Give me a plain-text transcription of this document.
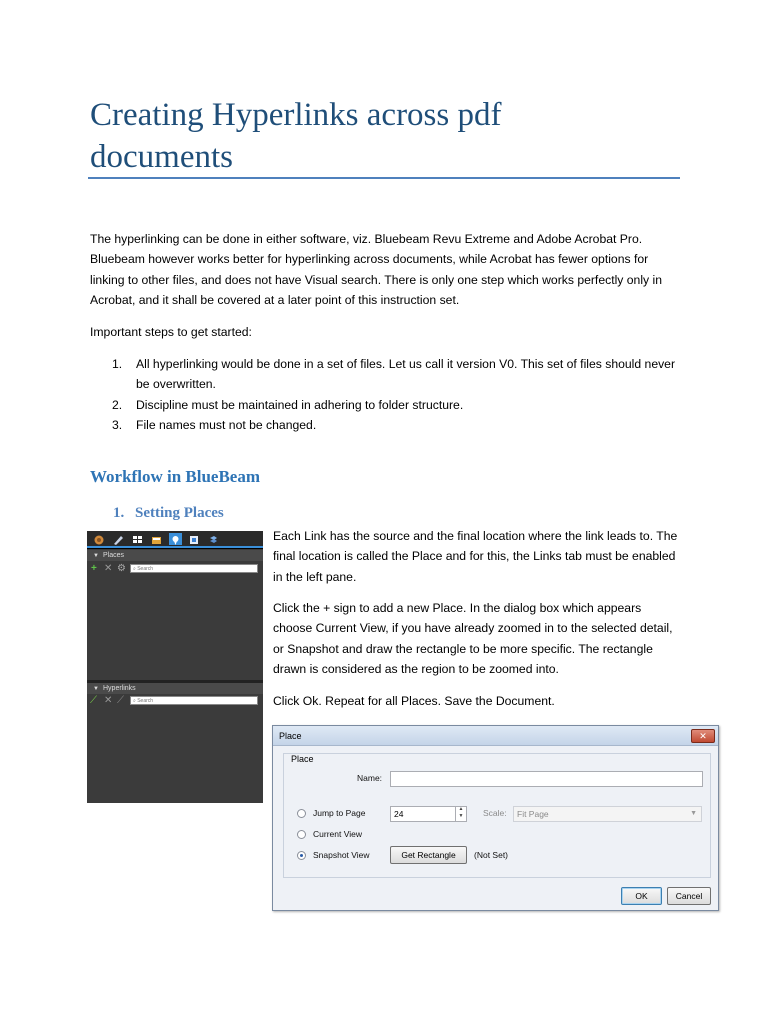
Creating Hyperlinks across pdf documents

The hyperlinking can be done in either software, viz. Bluebeam Revu Extreme and Adobe Acrobat Pro. Bluebeam however works better for hyperlinking across documents, while Acrobat has fewer options for linking to other files, and does not have Visual search. There is only one step which works perfectly only in Acrobat, and it shall be covered at a later point of this instruction set.

Important steps to get started:

1. All hyperlinking would be done in a set of files. Let us call it version V0. This set of files should never be overwritten.
2. Discipline must be maintained in adhering to folder structure.
3. File names must not be changed.
Workflow in BlueBeam
1. Setting Places
▼ Places
+ ✕ ⚙	⌕ Search
▼ Hyperlinks
⟋ ✕ ⟋	⌕ Search

Each Link has the source and the final location where the link leads to. The final location is called the Place and for this, the Links tab must be enabled in the left pane.

Click the + sign to add a new Place. In the dialog box which appears choose Current View, if you have already zoomed in to the selected detail, or Snapshot and draw the rectangle to be more specific. The rectangle drawn is considered as the region to be zoomed into.

Click Ok. Repeat for all Places. Save the Document.

Place	✕
Place
Name:
Jump to Page	24	▲
▼ Scale:	Fit Page	▼
Current View
Snapshot View	Get Rectangle	(Not Set)
OK	Cancel
